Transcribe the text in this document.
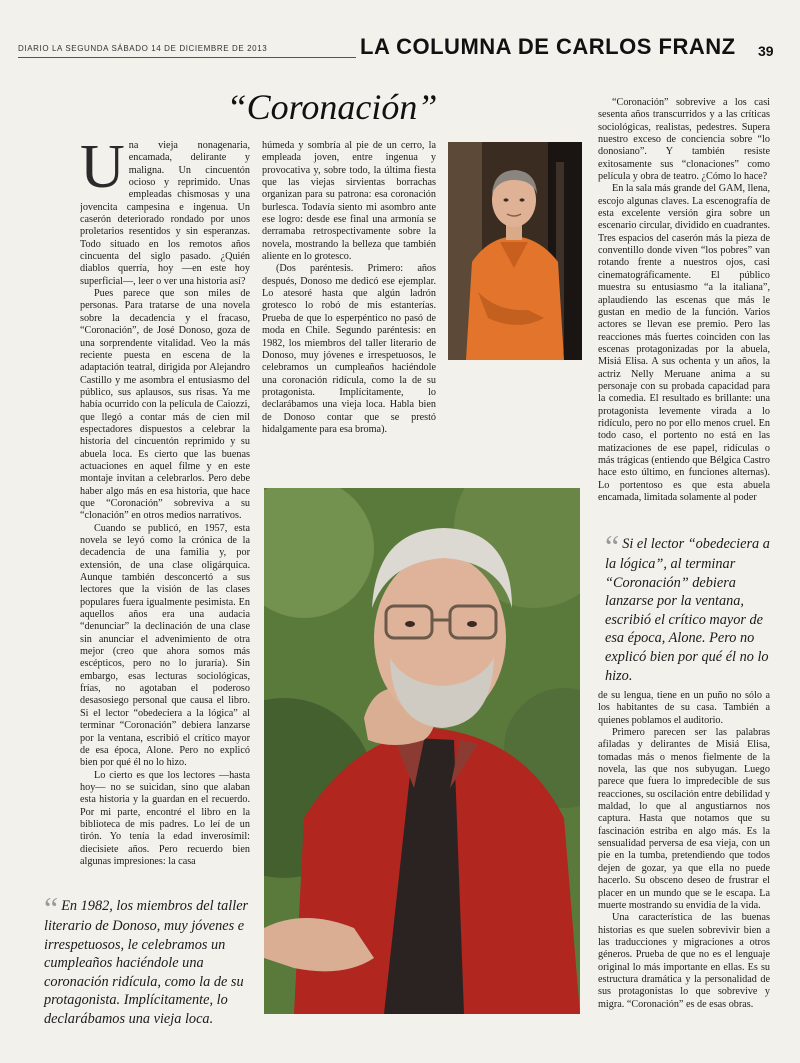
DIARIO LA SEGUNDA SÁBADO 14 DE DICIEMBRE DE 2013	LA COLUMNA DE CARLOS FRANZ 39
“Coronación”

Una vieja nonagenaria, encamada, delirante y maligna. Un cincuentón ocioso y reprimido. Unas empleadas chismosas y una jovencita campesina e ingenua. Un caserón deteriorado rondado por unos proletarios resentidos y sin esperanzas. Todo situado en los remotos años cincuenta del siglo pasado. ¿Quién diablos querría, hoy —en este hoy superficial—, leer o ver una historia así?

Pues parece que son miles de personas. Para tratarse de una novela sobre la decadencia y el fracaso, “Coronación”, de José Donoso, goza de una sorprendente vitalidad. Veo la más reciente puesta en escena de la adaptación teatral, dirigida por Alejandro Castillo y me asombra el entusiasmo del público, sus aplausos, sus risas. Ya me había ocurrido con la película de Caiozzi, que llegó a contar más de cien mil espectadores dispuestos a celebrar la historia del cincuentón reprimido y su abuela loca. Es cierto que las buenas actuaciones en aquel filme y en este montaje invitan a celebrarlos. Pero debe haber algo más en esa historia, que hace que “Coronación” sobreviva a su “clonación” en otros medios narrativos.

Cuando se publicó, en 1957, esta novela se leyó como la crónica de la decadencia de una familia y, por extensión, de una clase oligárquica. Aunque también desconcertó a sus lectores que la visión de las clases populares fuera igualmente pesimista. En aquellos años era una audacia “denunciar” la declinación de una clase sin anunciar el advenimiento de otra mejor (creo que ahora somos más escépticos, pero no lo juraría). Sin embargo, esas lecturas sociológicas, frías, no agotaban el poderoso desasosiego personal que causa el libro. Si el lector “obedeciera a la lógica” al terminar “Coronación” debiera lanzarse por la ventana, escribió el crítico mayor de esa época, Alone. Pero no explicó bien por qué él no lo hizo.

Lo cierto es que los lectores —hasta hoy— no se suicidan, sino que alaban esta historia y la guardan en el recuerdo. Por mi parte, encontré el libro en la biblioteca de mis padres. Lo leí de un tirón. Yo tenía la edad inverosímil: diecisiete años. Pero recuerdo bien algunas impresiones: la casa

húmeda y sombría al pie de un cerro, la empleada joven, entre ingenua y provocativa y, sobre todo, la última fiesta que las viejas sirvientas borrachas organizan para su patrona: esa coronación burlesca. Todavía siento mi asombro ante ese logro: desde ese final una armonía se derramaba retrospectivamente sobre la novela, mostrando la belleza que también aliente en lo grotesco.

(Dos paréntesis. Primero: años después, Donoso me dedicó ese ejemplar. Lo atesoré hasta que algún ladrón grotesco lo robó de mis estanterías. Prueba de que lo esperpéntico no pasó de moda en Chile. Segundo paréntesis: en 1982, los miembros del taller literario de Donoso, muy jóvenes e irrespetuosos, le celebramos un cumpleaños haciéndole una coronación ridícula, como la de su protagonista. Implícitamente, lo declarábamos una vieja loca. Habla bien de Donoso contar que se prestó hidalgamente para esa broma).

“Coronación” sobrevive a los casi sesenta años transcurridos y a las críticas sociológicas, realistas, pedestres. Supera nuestro exceso de conciencia sobre “lo donosiano”. Y también resiste exitosamente sus “clonaciones” como película y obra de teatro. ¿Cómo lo hace?

En la sala más grande del GAM, llena, escojo algunas claves. La escenografía de esta excelente versión gira sobre un escenario circular, dividido en cuadrantes. Tres espacios del caserón más la pieza de conventillo donde viven “los pobres” van rotando frente a nuestros ojos, casi cinematográficamente. El público muestra su entusiasmo “a la italiana”, aplaudiendo las escenas que más le gustan en medio de la función. Varios actores se llevan ese premio. Pero las reacciones más fuertes coinciden con las escenas protagonizadas por la abuela, Misiá Elisa. A sus ochenta y un años, la actriz Nelly Meruane anima a su personaje con su probada capacidad para la comedia. El resultado es brillante: una protagonista levemente virada a lo ridículo, pero no por ello menos cruel. En todo caso, el portento no está en las matizaciones de ese papel, ridículas o más trágicas (entiendo que Bélgica Castro hace esto último, en funciones alternas). Lo portentoso es que esta abuela encamada, limitada solamente al poder

“ Si el lector “obedeciera a la lógica”, al terminar “Coronación” debiera lanzarse por la ventana, escribió el crítico mayor de esa época, Alone. Pero no explicó bien por qué él no lo hizo.

de su lengua, tiene en un puño no sólo a los habitantes de su casa. También a quienes poblamos el auditorio.

Primero parecen ser las palabras afiladas y delirantes de Misiá Elisa, tomadas más o menos fielmente de la novela, las que nos subyugan. Luego parece que fuera lo impredecible de sus reacciones, su oscilación entre debilidad y maldad, lo que al angustiarnos nos captura. Hasta que notamos que su fascinación estriba en algo más. Es la sensualidad perversa de esa vieja, con un pie en la tumba, pretendiendo que todos dejen de gozar, ya que ella no puede hacerlo. Su obsceno deseo de frustrar el placer en un mundo que se le escapa. La muerte mostrando su envidia de la vida.

Una característica de las buenas historias es que suelen sobrevivir bien a las traducciones y migraciones a otros géneros. Prueba de que no es el lenguaje original lo más importante en ellas. Es su estructura dramática y la personalidad de sus protagonistas lo que sobrevive y migra. “Coronación” es de esas obras.

“ En 1982, los miembros del taller literario de Donoso, muy jóvenes e irrespetuosos, le celebramos un cumpleaños haciéndole una coronación ridícula, como la de su protagonista. Implícitamente, lo declarábamos una vieja loca.
